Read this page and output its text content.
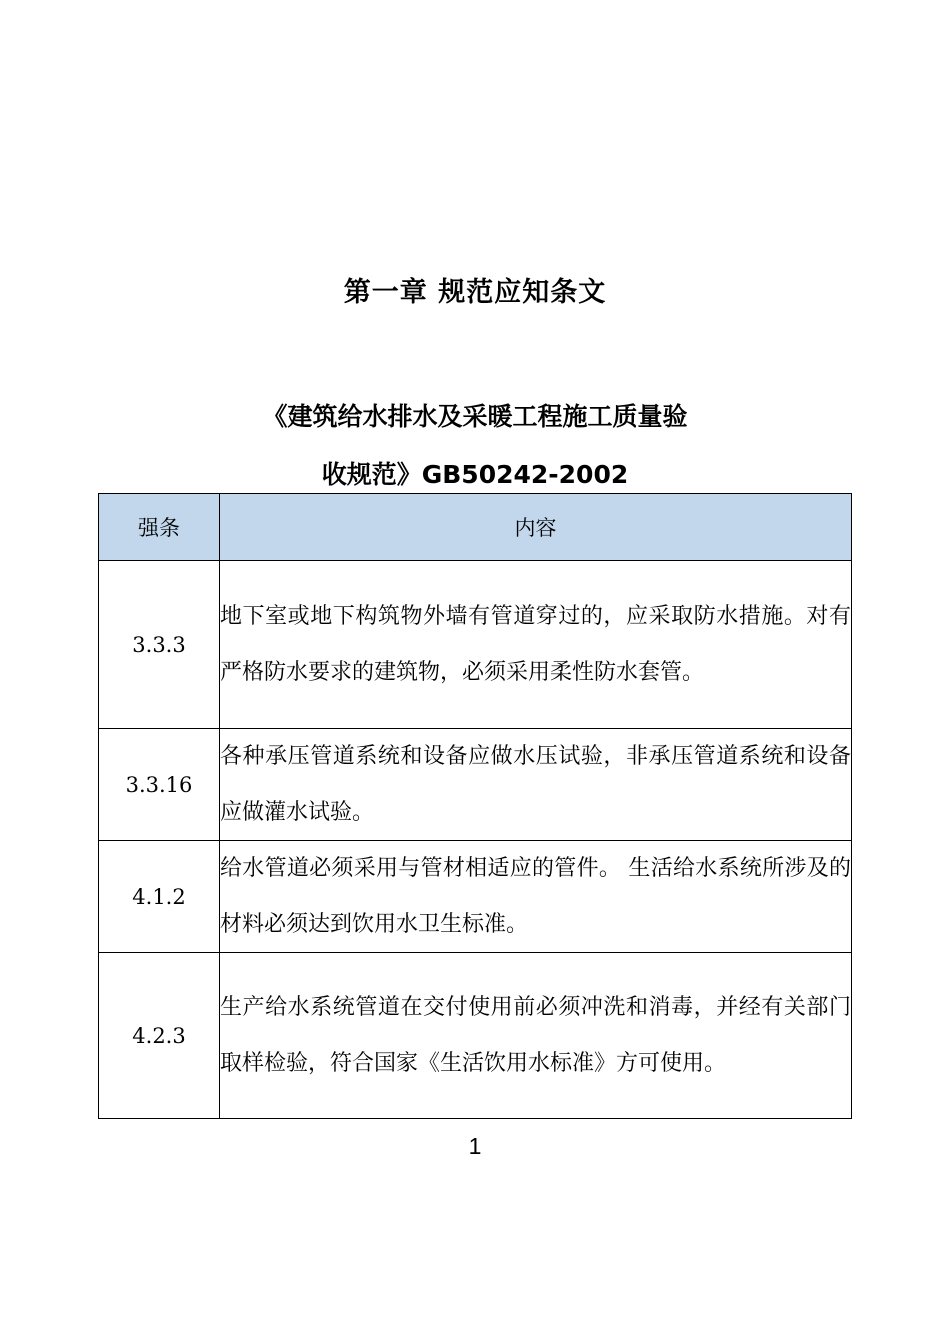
第一章 规范应知条文
《建筑给水排水及采暖工程施工质量验
收规范》GB50242-2002
强条	内容
3.3.3	地下室或地下构筑物外墙有管道穿过的，应采取防水措施。对有严格防水要求的建筑物，必须采用柔性防水套管。
3.3.16	各种承压管道系统和设备应做水压试验，非承压管道系统和设备应做灌水试验。
4.1.2	给水管道必须采用与管材相适应的管件。 生活给水系统所涉及的材料必须达到饮用水卫生标准。
4.2.3	生产给水系统管道在交付使用前必须冲洗和消毒，并经有关部门取样检验，符合国家《生活饮用水标准》方可使用。
1
